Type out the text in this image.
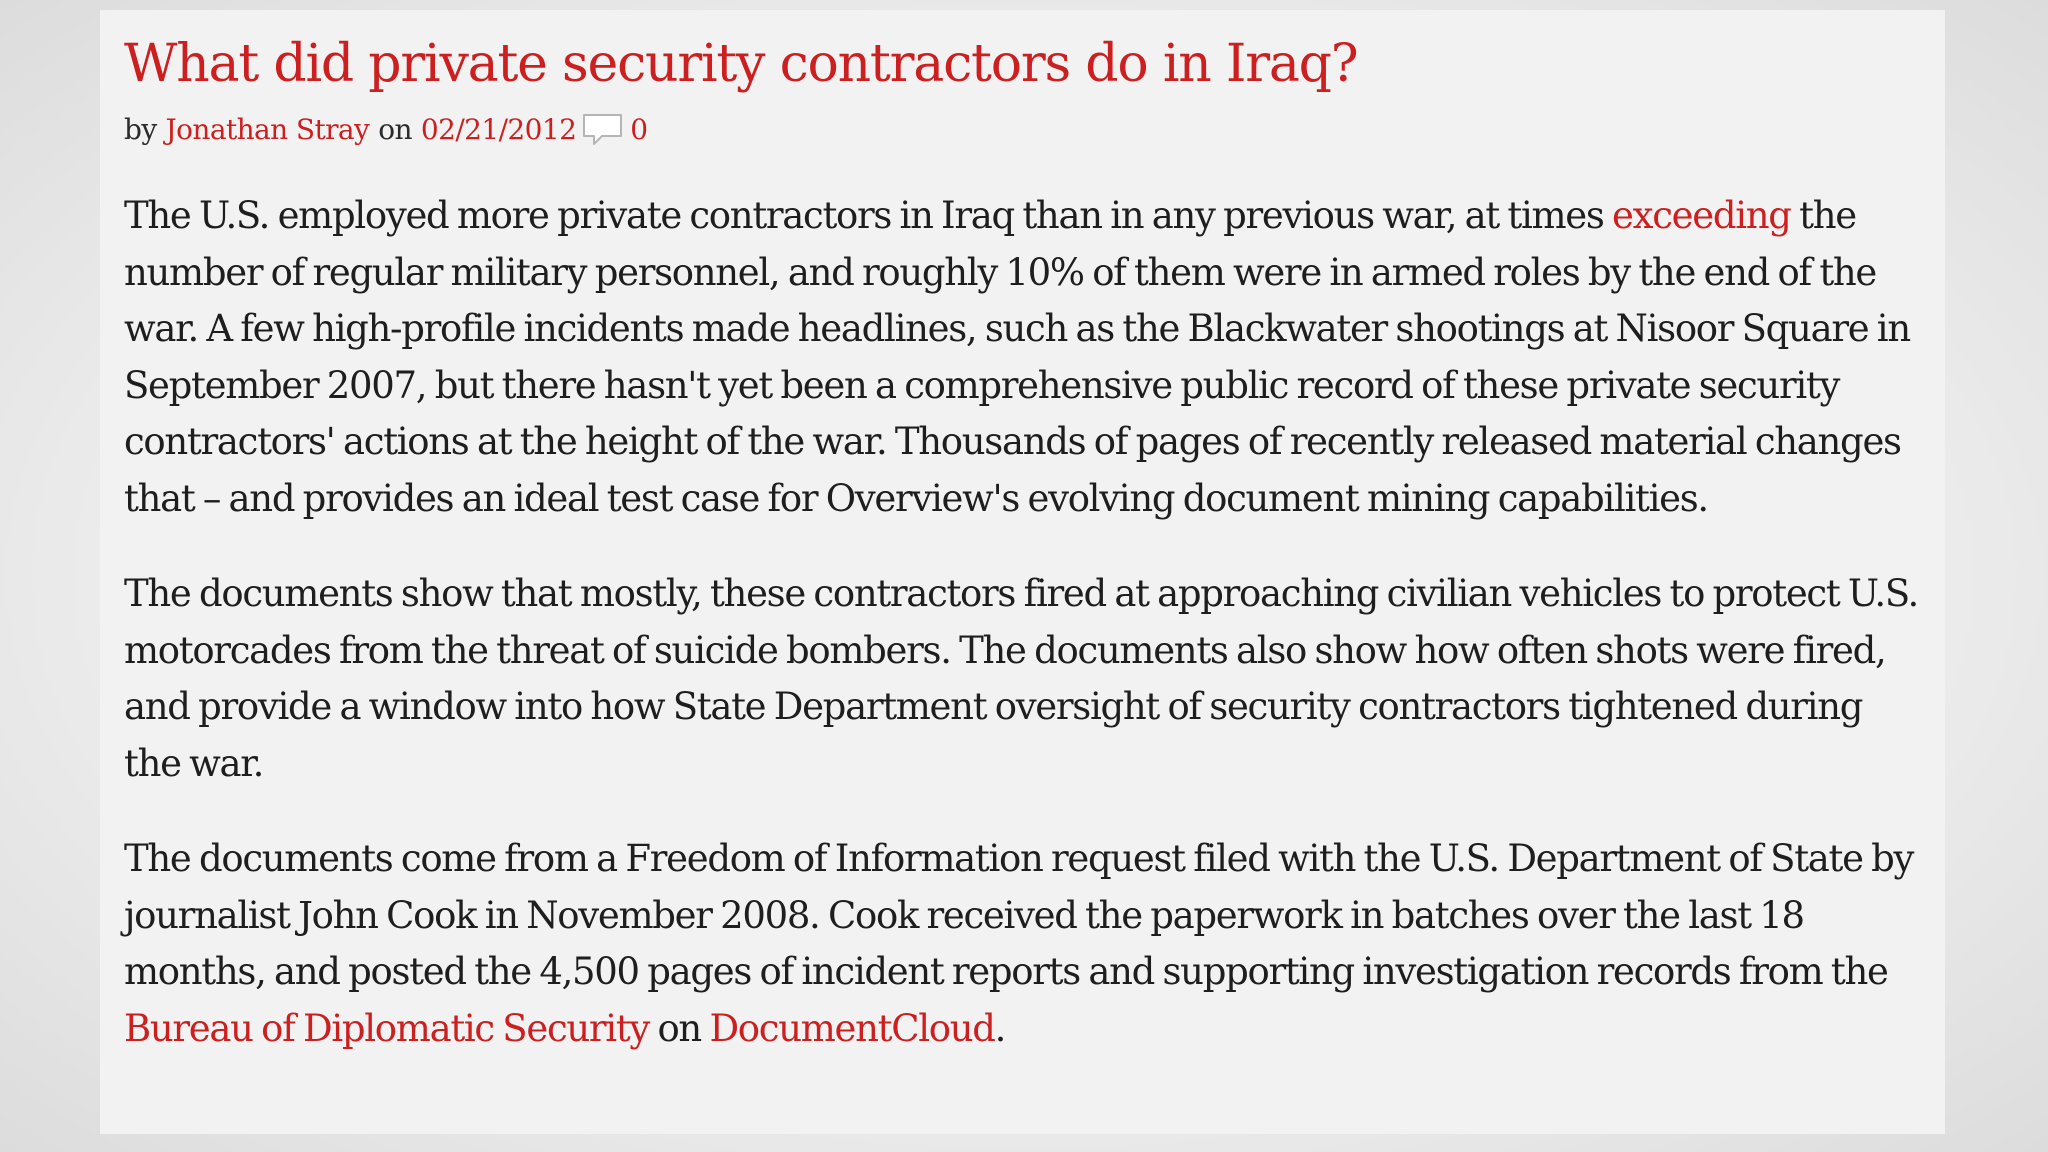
What did private security contractors do in Iraq?
by Jonathan Stray on 02/21/2012 0

The U.S. employed more private contractors in Iraq than in any previous war, at times exceeding the number of regular military personnel, and roughly 10% of them were in armed roles by the end of the war. A few high-profile incidents made headlines, such as the Blackwater shootings at Nisoor Square in September 2007, but there hasn't yet been a comprehensive public record of these private security contractors' actions at the height of the war. Thousands of pages of recently released material changes that – and provides an ideal test case for Overview's evolving document mining capabilities.

The documents show that mostly, these contractors fired at approaching civilian vehicles to protect U.S. motorcades from the threat of suicide bombers. The documents also show how often shots were fired, and provide a window into how State Department oversight of security contractors tightened during the war.

The documents come from a Freedom of Information request filed with the U.S. Department of State by journalist John Cook in November 2008. Cook received the paperwork in batches over the last 18 months, and posted the 4,500 pages of incident reports and supporting investigation records from the Bureau of Diplomatic Security on DocumentCloud.
